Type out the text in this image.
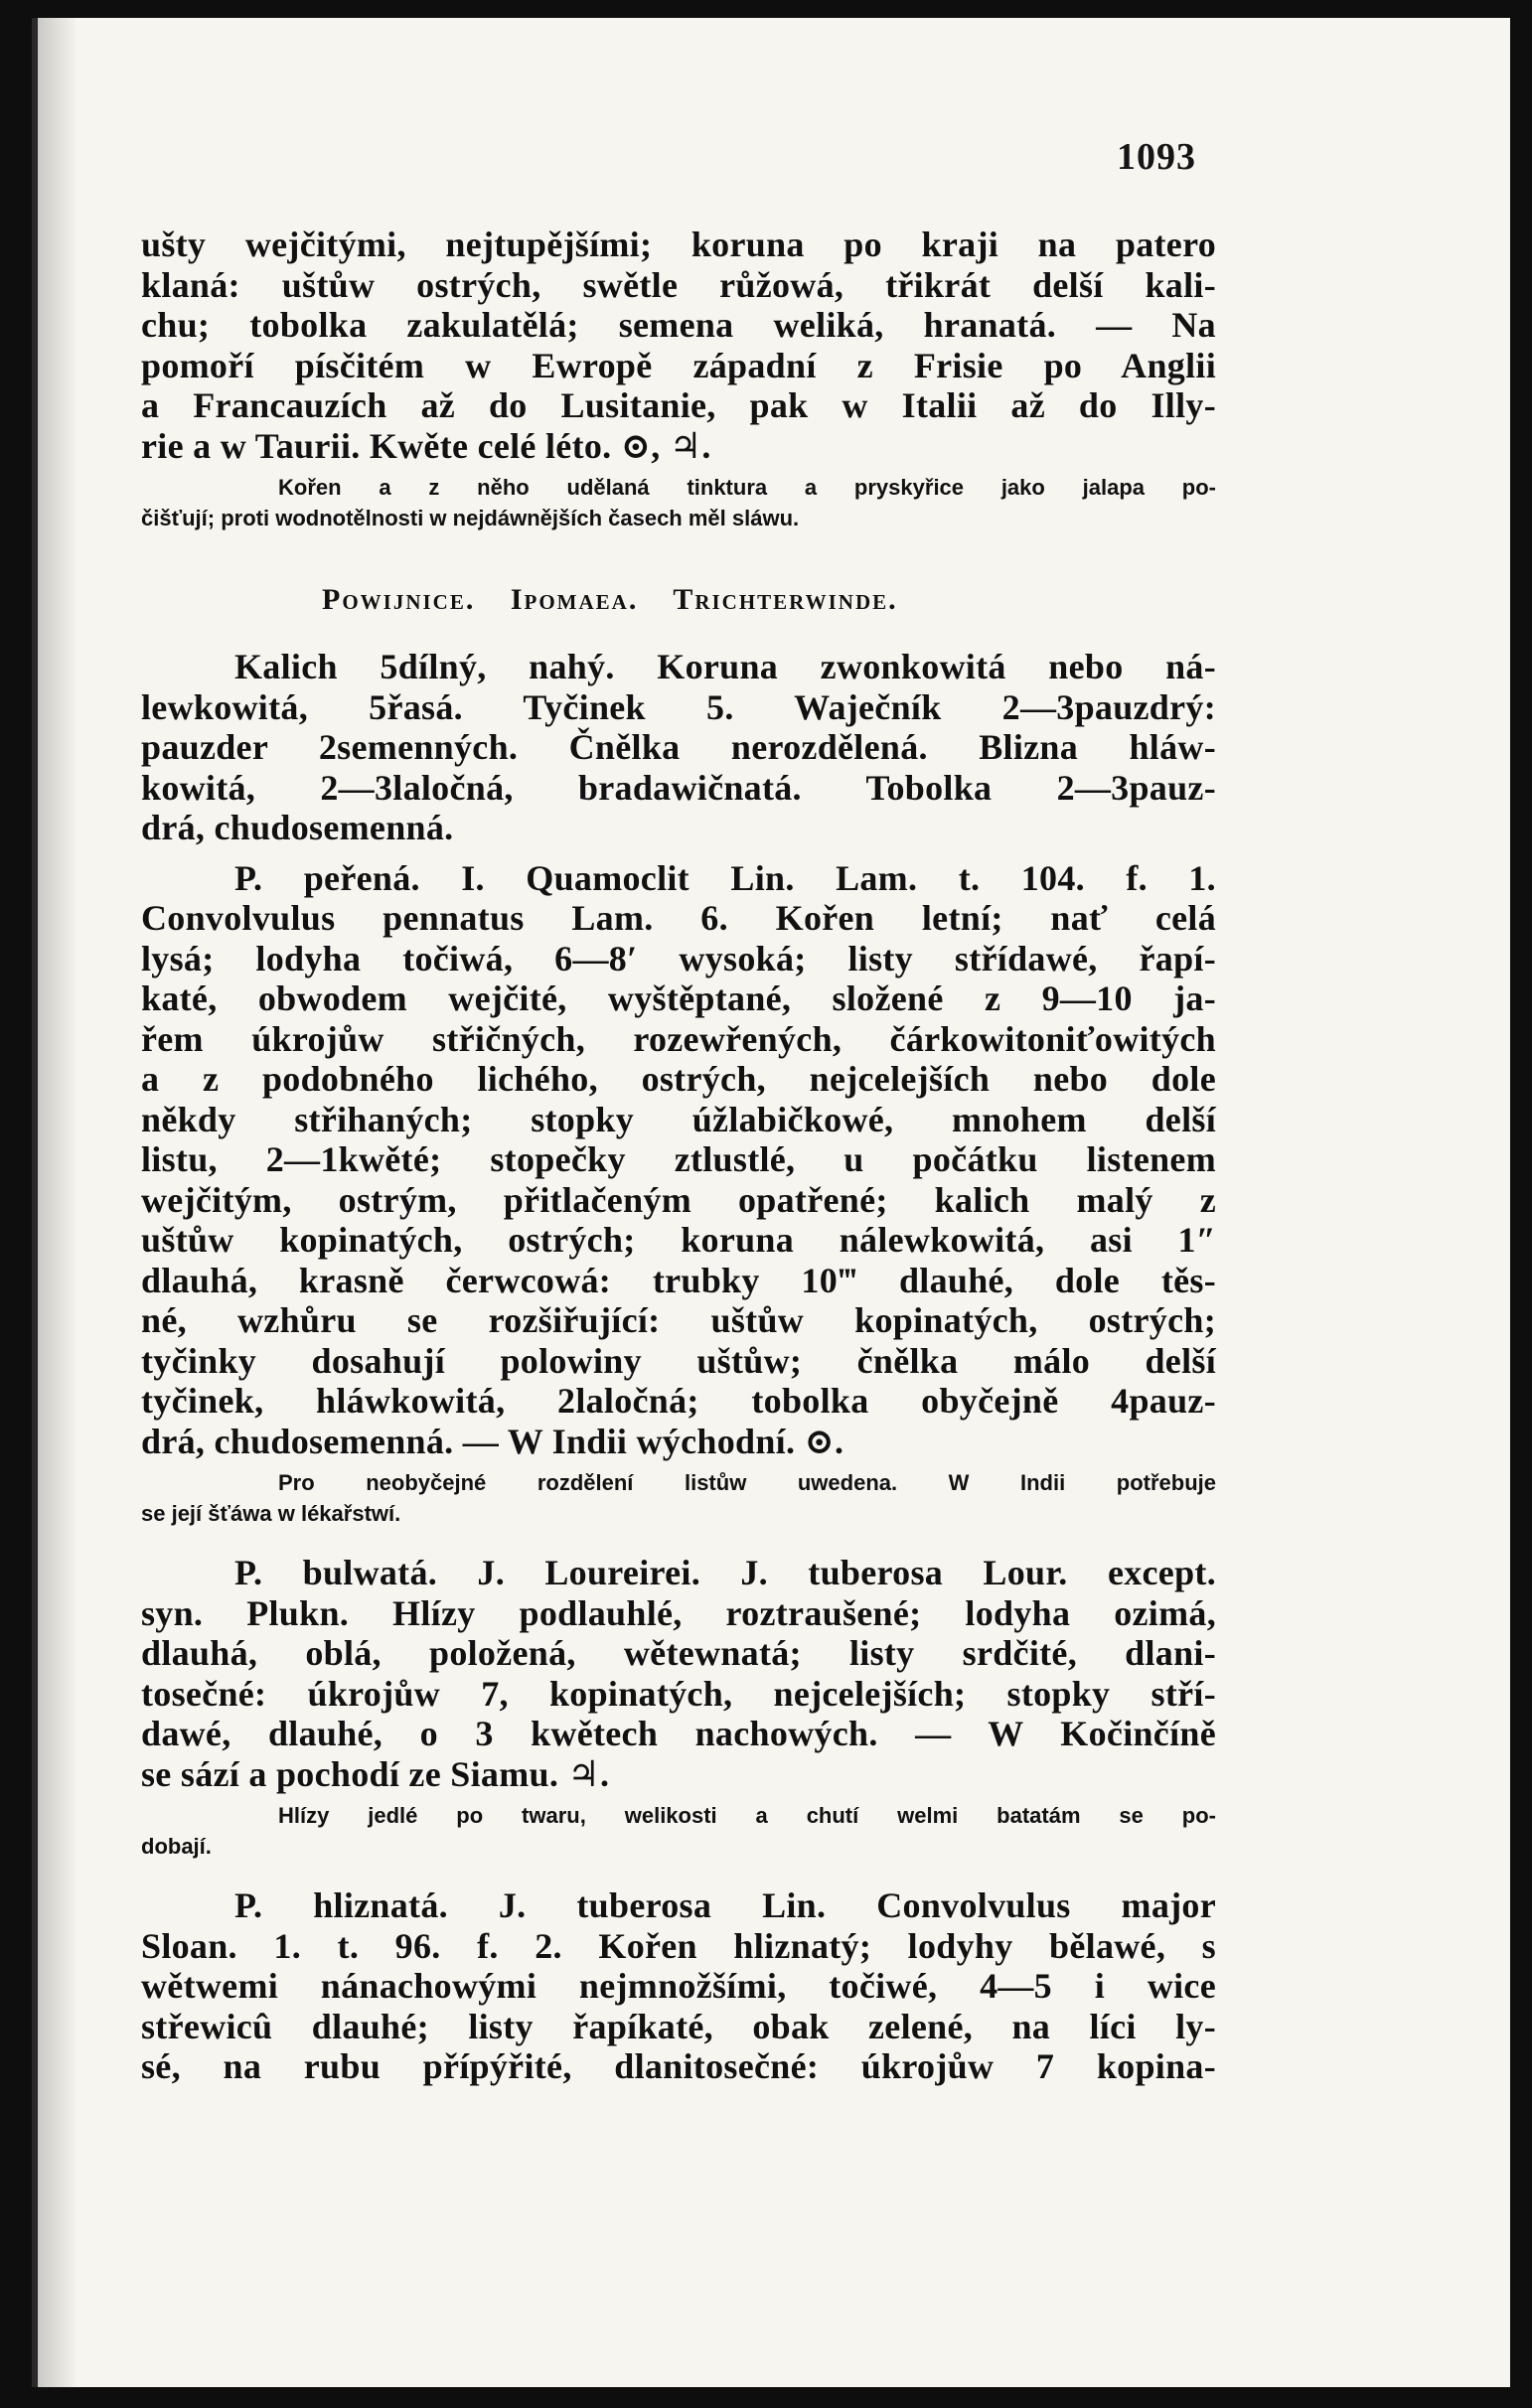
1093
ušty wejčitými, nejtupějšími; koruna po kraji na patero
klaná: uštůw ostrých, swětle růžowá, třikrát delší kali-
chu; tobolka zakulatělá; semena weliká, hranatá. — Na
pomoří písčitém w Ewropě západní z Frisie po Anglii
a Francauzích až do Lusitanie, pak w Italii až do Illy-
rie a w Taurii. Kwěte celé léto. ⊙, ♃.
Kořen a z něho udělaná tinktura a pryskyřice jako jalapa po-
čišťují; proti wodnotělnosti w nejdáwnějších časech měl sláwu.
Powijnice. Ipomaea. Trichterwinde.
Kalich 5dílný, nahý. Koruna zwonkowitá nebo ná-
lewkowitá, 5řasá. Tyčinek 5. Waječník 2—3pauzdrý:
pauzder 2semenných. Čnělka nerozdělená. Blizna hláw-
kowitá, 2—3laločná, bradawičnatá. Tobolka 2—3pauz-
drá, chudosemenná.
P. peřená. I. Quamoclit Lin. Lam. t. 104. f. 1.
Convolvulus pennatus Lam. 6. Kořen letní; nať celá
lysá; lodyha točiwá, 6—8′ wysoká; listy střídawé, řapí-
katé, obwodem wejčité, wyštěptané, složené z 9—10 ja-
řem úkrojůw střičných, rozewřených, čárkowitoniťowitých
a z podobného lichého, ostrých, nejcelejších nebo dole
někdy střihaných; stopky úžlabičkowé, mnohem delší
listu, 2—1kwěté; stopečky ztlustlé, u počátku listenem
wejčitým, ostrým, přitlačeným opatřené; kalich malý z
uštůw kopinatých, ostrých; koruna nálewkowitá, asi 1″
dlauhá, krasně čerwcowá: trubky 10‴ dlauhé, dole těs-
né, wzhůru se rozšiřující: uštůw kopinatých, ostrých;
tyčinky dosahují polowiny uštůw; čnělka málo delší
tyčinek, hláwkowitá, 2laločná; tobolka obyčejně 4pauz-
drá, chudosemenná. — W Indii wýchodní. ⊙.
Pro neobyčejné rozdělení listůw uwedena. W Indii potřebuje
se její šťáwa w lékařstwí.
P. bulwatá. J. Loureirei. J. tuberosa Lour. except.
syn. Plukn. Hlízy podlauhlé, roztraušené; lodyha ozimá,
dlauhá, oblá, položená, wětewnatá; listy srdčité, dlani-
tosečné: úkrojůw 7, kopinatých, nejcelejších; stopky stří-
dawé, dlauhé, o 3 kwětech nachowých. — W Kočinčíně
se sází a pochodí ze Siamu. ♃.
Hlízy jedlé po twaru, welikosti a chutí welmi batatám se po-
dobají.
P. hliznatá. J. tuberosa Lin. Convolvulus major
Sloan. 1. t. 96. f. 2. Kořen hliznatý; lodyhy bělawé, s
wětwemi nánachowými nejmnožšími, točiwé, 4—5 i wice
střewicû dlauhé; listy řapíkaté, obak zelené, na líci ly-
sé, na rubu přípýřité, dlanitosečné: úkrojůw 7 kopina-
